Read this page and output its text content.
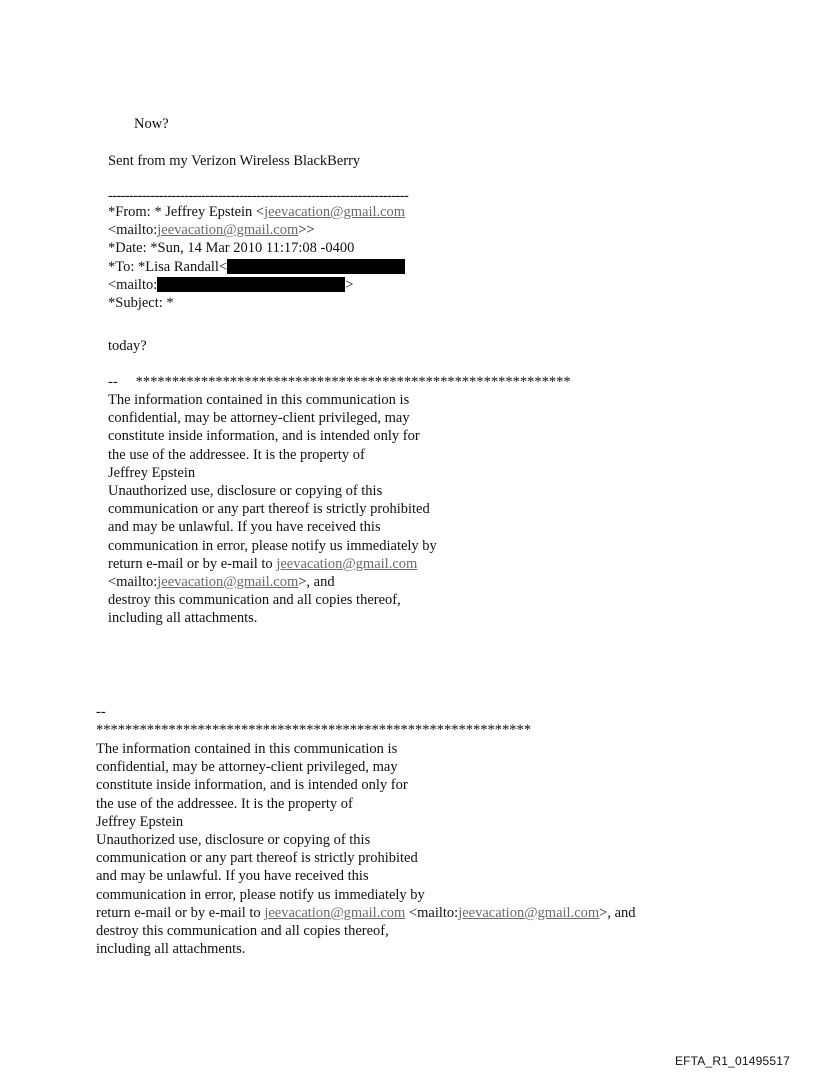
Now?
Sent from my Verizon Wireless BlackBerry
-----------------------------------------------------------------------
*From: * Jeffrey Epstein <jeevacation@gmail.com
<mailto:jeevacation@gmail.com>>
*Date: *Sun, 14 Mar 2010 11:17:08 -0400
*To: *Lisa Randall<
<mailto:	>
*Subject: *
today?
-- ************************************************************
The information contained in this communication is
confidential, may be attorney-client privileged, may
constitute inside information, and is intended only for
the use of the addressee. It is the property of
Jeffrey Epstein
Unauthorized use, disclosure or copying of this
communication or any part thereof is strictly prohibited
and may be unlawful. If you have received this
communication in error, please notify us immediately by
return e-mail or by e-mail to jeevacation@gmail.com
<mailto:jeevacation@gmail.com>, and
destroy this communication and all copies thereof,
including all attachments.
--
************************************************************
The information contained in this communication is
confidential, may be attorney-client privileged, may
constitute inside information, and is intended only for
the use of the addressee. It is the property of
Jeffrey Epstein
Unauthorized use, disclosure or copying of this
communication or any part thereof is strictly prohibited
and may be unlawful. If you have received this
communication in error, please notify us immediately by
return e-mail or by e-mail to jeevacation@gmail.com <mailto:jeevacation@gmail.com>, and
destroy this communication and all copies thereof,
including all attachments.
EFTA_R1_01495517
